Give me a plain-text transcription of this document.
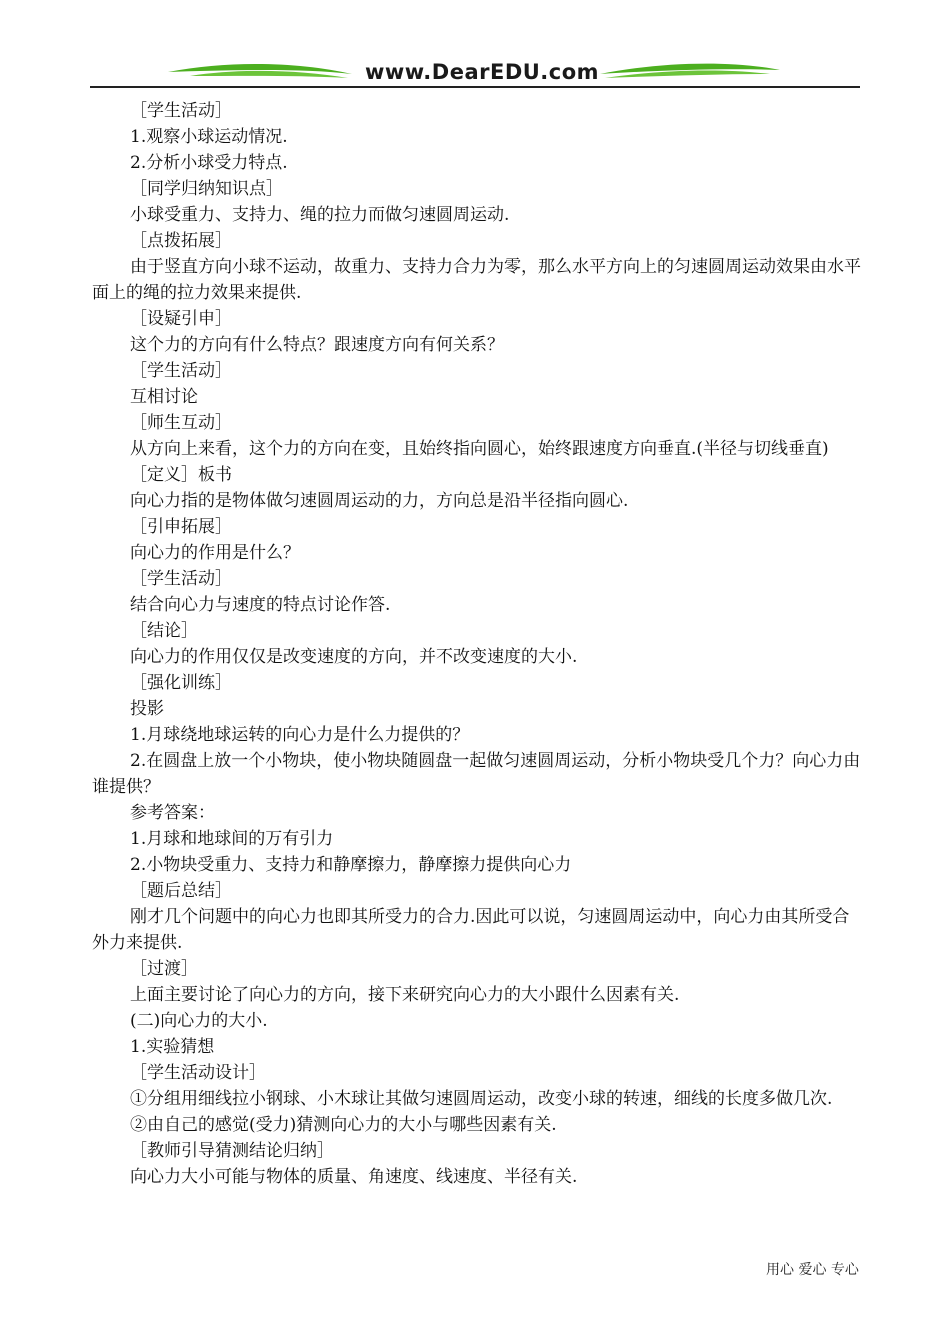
www.DearEDU.com

［学生活动］

1.观察小球运动情况.

2.分析小球受力特点.

［同学归纳知识点］

小球受重力、支持力、绳的拉力而做匀速圆周运动.

［点拨拓展］

由于竖直方向小球不运动，故重力、支持力合力为零，那么水平方向上的匀速圆周运动效果由水平面上的绳的拉力效果来提供.

［设疑引申］

这个力的方向有什么特点？跟速度方向有何关系？

［学生活动］

互相讨论

［师生互动］

从方向上来看，这个力的方向在变，且始终指向圆心，始终跟速度方向垂直.(半径与切线垂直)

［定义］板书

向心力指的是物体做匀速圆周运动的力，方向总是沿半径指向圆心.

［引申拓展］

向心力的作用是什么？

［学生活动］

结合向心力与速度的特点讨论作答.

［结论］

向心力的作用仅仅是改变速度的方向，并不改变速度的大小.

［强化训练］

投影

1.月球绕地球运转的向心力是什么力提供的？

2.在圆盘上放一个小物块，使小物块随圆盘一起做匀速圆周运动，分析小物块受几个力？向心力由谁提供？

参考答案：

1.月球和地球间的万有引力

2.小物块受重力、支持力和静摩擦力，静摩擦力提供向心力

［题后总结］

刚才几个问题中的向心力也即其所受力的合力.因此可以说，匀速圆周运动中，向心力由其所受合外力来提供.

［过渡］

上面主要讨论了向心力的方向，接下来研究向心力的大小跟什么因素有关.

(二)向心力的大小.

1.实验猜想

［学生活动设计］

①分组用细线拉小钢球、小木球让其做匀速圆周运动，改变小球的转速，细线的长度多做几次.

②由自己的感觉(受力)猜测向心力的大小与哪些因素有关.

［教师引导猜测结论归纳］

向心力大小可能与物体的质量、角速度、线速度、半径有关.

用心 爱心 专心
